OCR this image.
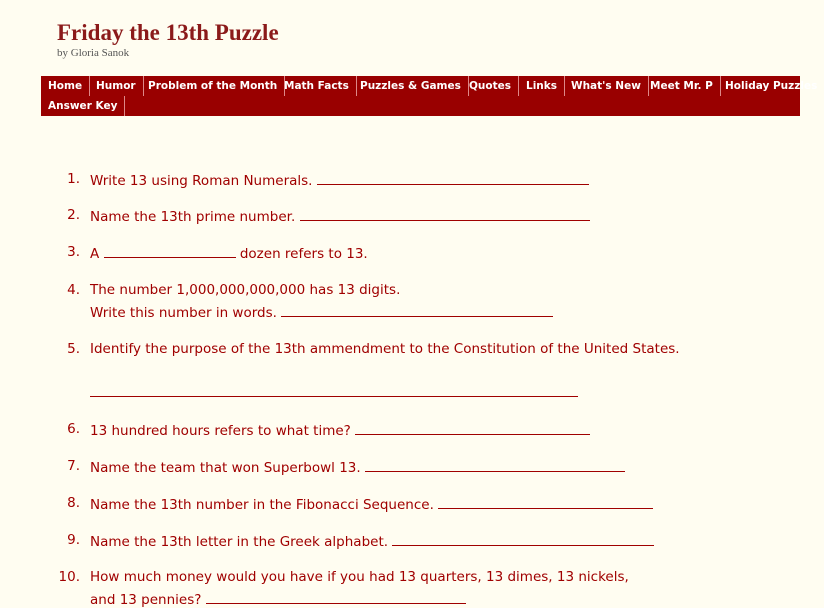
Friday the 13th Puzzle
by Gloria Sanok
Home	Humor	Problem of the Month Math Facts	Puzzles & Games Quotes	Links	What's New Meet Mr. P	Holiday Puzzles
Answer Key
1. Write 13 using Roman Numerals.
2. Name the 13th prime number.
3. A	dozen refers to 13.
4. The number 1,000,000,000,000 has 13 digits.
Write this number in words.
5. Identify the purpose of the 13th ammendment to the Constitution of the United States.
6. 13 hundred hours refers to what time?
7. Name the team that won Superbowl 13.
8. Name the 13th number in the Fibonacci Sequence.
9. Name the 13th letter in the Greek alphabet.
10. How much money would you have if you had 13 quarters, 13 dimes, 13 nickels,
and 13 pennies?
